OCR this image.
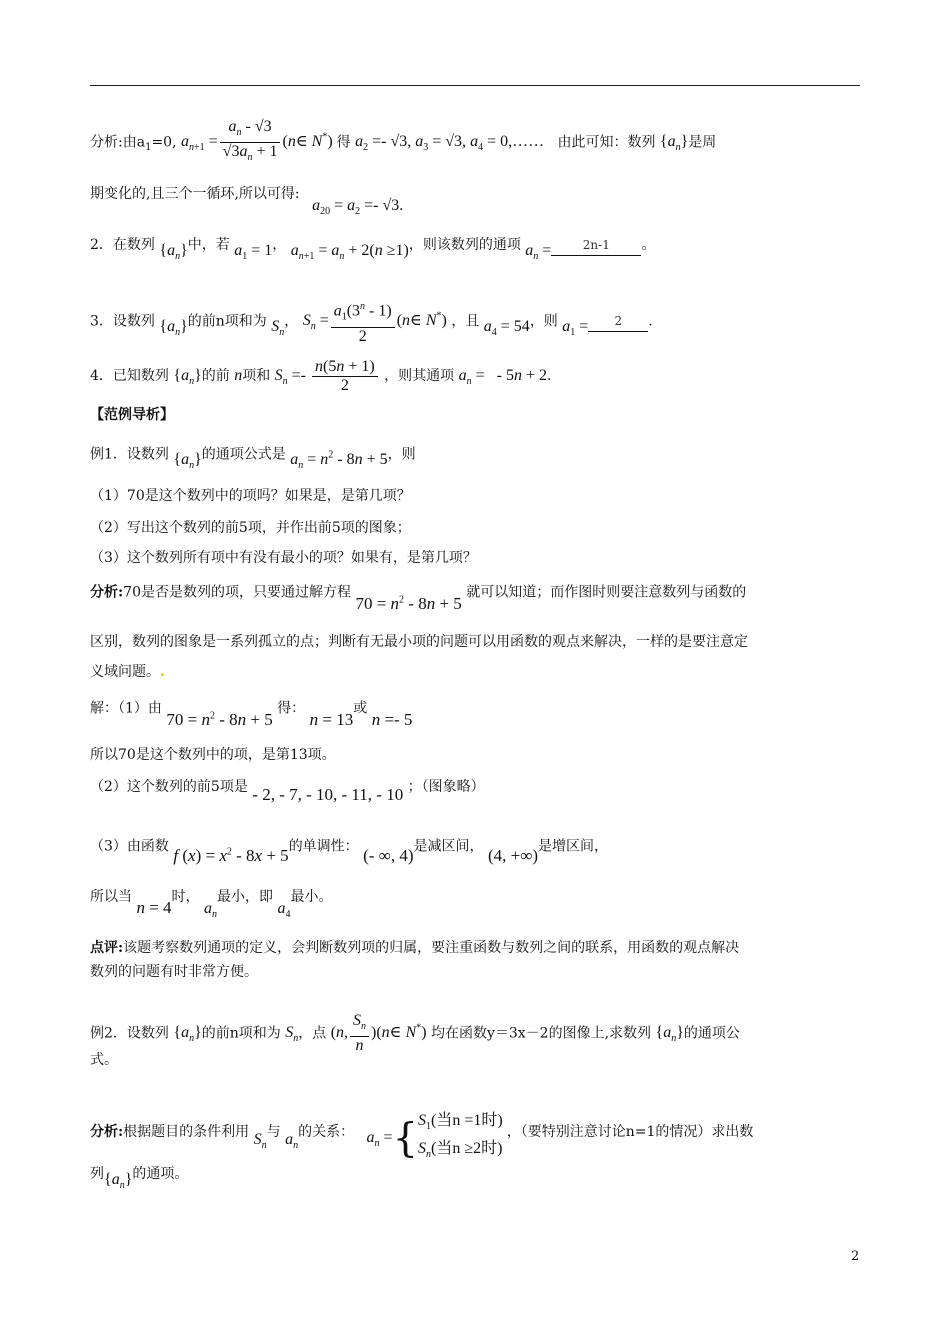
分析:由$a_1=0$, $a_{n+1} = \frac{a_n - √3}{√3a_n + 1}$ (n∈ N*) 得 $a_2 =- √3$, $a_3 = √3$, $a_4$ = 0,…… 由此可知：数列 $\{a_n\}$是周
期变化的,且三个一循环,所以可得:   $a_{20} = a_2 =- √3$.
2．在数列 $\{a_n\}$中，若 $a_1 = 1$， $a_{n+1} = a_n + 2(n \ge 1)$，则该数列的通项 $a_n$ =	2n-1 。
3．设数列 $\{a_n\}$的前n项和为 $S_n$， $S_n = \frac{a_1(3^n - 1)}{2}$ (n∈ N*) ，且 $a_4 = 54$，则 $a_1 = 2$ .
4．已知数列 $\{a_n\}$的前 n项和 $S_n =- \frac{n(5n + 1)}{2}$ ，则其通项 $a_n$ =   - 5n + 2.
【范例导析】
例1．设数列 $\{a_n\}$的通项公式是 $a_n = n^2 - 8n + 5$，则
（1）70是这个数列中的项吗？如果是，是第几项？
（2）写出这个数列的前5项，并作出前5项的图象；
（3）这个数列所有项中有没有最小的项？如果有，是第几项？
分析:70是否是数列的项，只要通过解方程 $70 = n^2 - 8n + 5$ 就可以知道；而作图时则要注意数列与函数的
区别，数列的图象是一系列孤立的点；判断有无最小项的问题可以用函数的观点来解决，一样的是要注意定
义域问题。.
解：（1）由 $70 = n^2 - 8n + 5$ 得： n = 13或 n =- 5
所以70是这个数列中的项，是第13项。
（2）这个数列的前5项是 - 2, - 7, - 10, - 11, - 10 ；（图象略）
（3）由函数 f $(x) = x^2 - 8x + 5$的单调性： (- ∞, 4)是减区间， (4, +∞)是增区间，
所以当 n = 4时， $a_n$最小，即 $a_4$最小。
点评:该题考察数列通项的定义，会判断数列项的归属，要注重函数与数列之间的联系，用函数的观点解决
数列的问题有时非常方便。
例2．设数列 $\{a_n\}$的前n项和为 $S_n$，点 (n, $\frac{S_n}{n}$ )(n∈ N*) 均在函数y＝3x－2的图像上,求数列 $\{a_n\}$的通项公
式。
分析:根据题目的条件利用 $S_n$与 $a_n$的关系： $a_n$ ={ $S_1$(当n =1时)
$S_n$(当n ≥2时)
，（要特别注意讨论n=1的情况）求出数
列$\{a_n\}$的通项。
2
